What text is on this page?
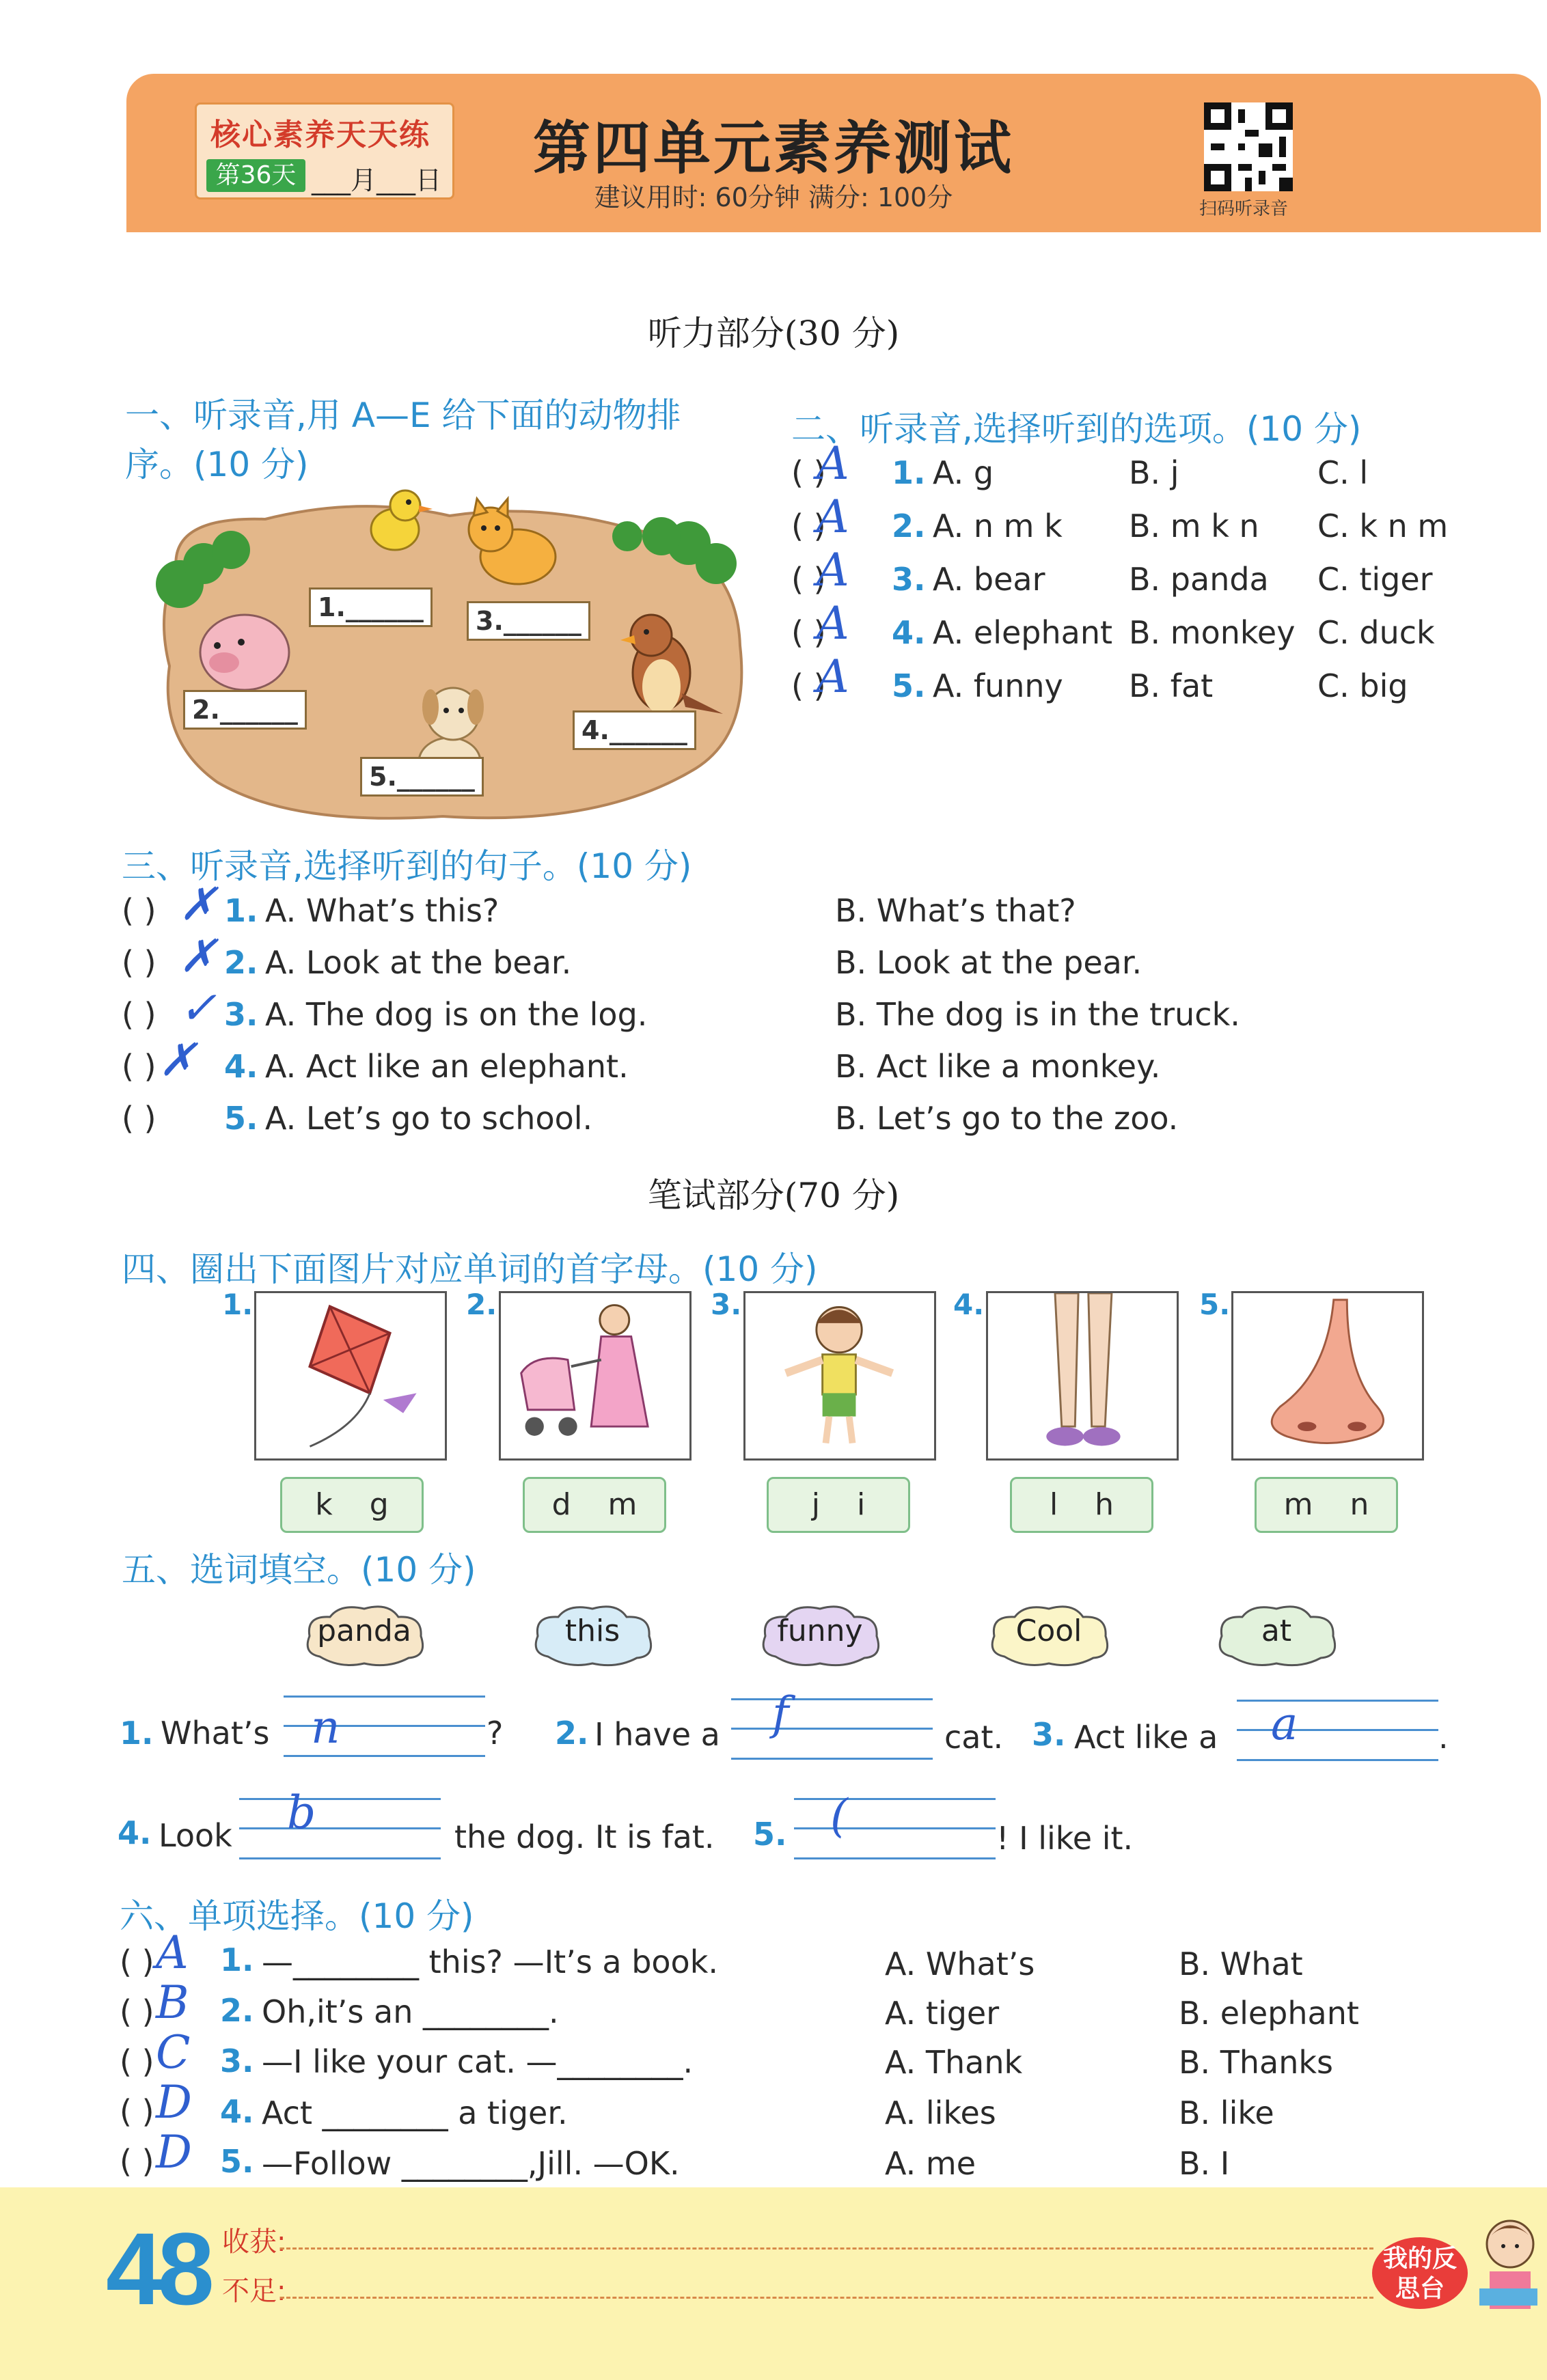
核心素养天天练
第36天 ___月___日	第四单元素养测试
建议用时: 60分钟 满分: 100分	扫码听录音
听力部分(30 分)
一、听录音,用 A—E 给下面的动物排
序。(10 分)
1.______
2.______
3.______
4.______
5.______
二、听录音,选择听到的选项。(10 分)
( )
A 1. A. g	B. j	C. l
( )
A 2. A. n m k B. m k n C. k n m
( )
A 3. A. bear	B. panda C. tiger
( )
A 4. A. elephant B. monkey C. duck
( )
A 5. A. funny B. fat	C. big
三、听录音,选择听到的句子。(10 分)
( ) ✗ 1. A. What’s this?	B. What’s that?
( ) ✗ 2. A. Look at the bear.	B. Look at the pear.
( ) ✓ 3. A. The dog is on the log.	B. The dog is in the truck.
( ) ✗ 4. A. Act like an elephant.	B. Act like a monkey.
( ) 5. A. Let’s go to school.	B. Let’s go to the zoo.
笔试部分(70 分)
四、圈出下面图片对应单词的首字母。(10 分)
1.	2.	3.	4.	5.
k g	d m	j i	l h	m n
五、选词填空。(10 分)
panda	this	funny	Cool	at
1. What’s n	? 2. I have a f	cat. 3. Act like a a	.
4. Look b	the dog. It is fat. 5. (	! I like it.
六、单项选择。(10 分)
( ) A 1. —________ this? —It’s a book.	A. What’s	B. What
( ) B 2. Oh,it’s an ________.	A. tiger	B. elephant
( ) C 3. —I like your cat. —________.	A. Thank	B. Thanks
( ) D 4. Act ________ a tiger.	A. likes	B. like
( ) D 5. —Follow ________,Jill. —OK.	A. me	B. I
48 收获:
不足:
我的反思台
